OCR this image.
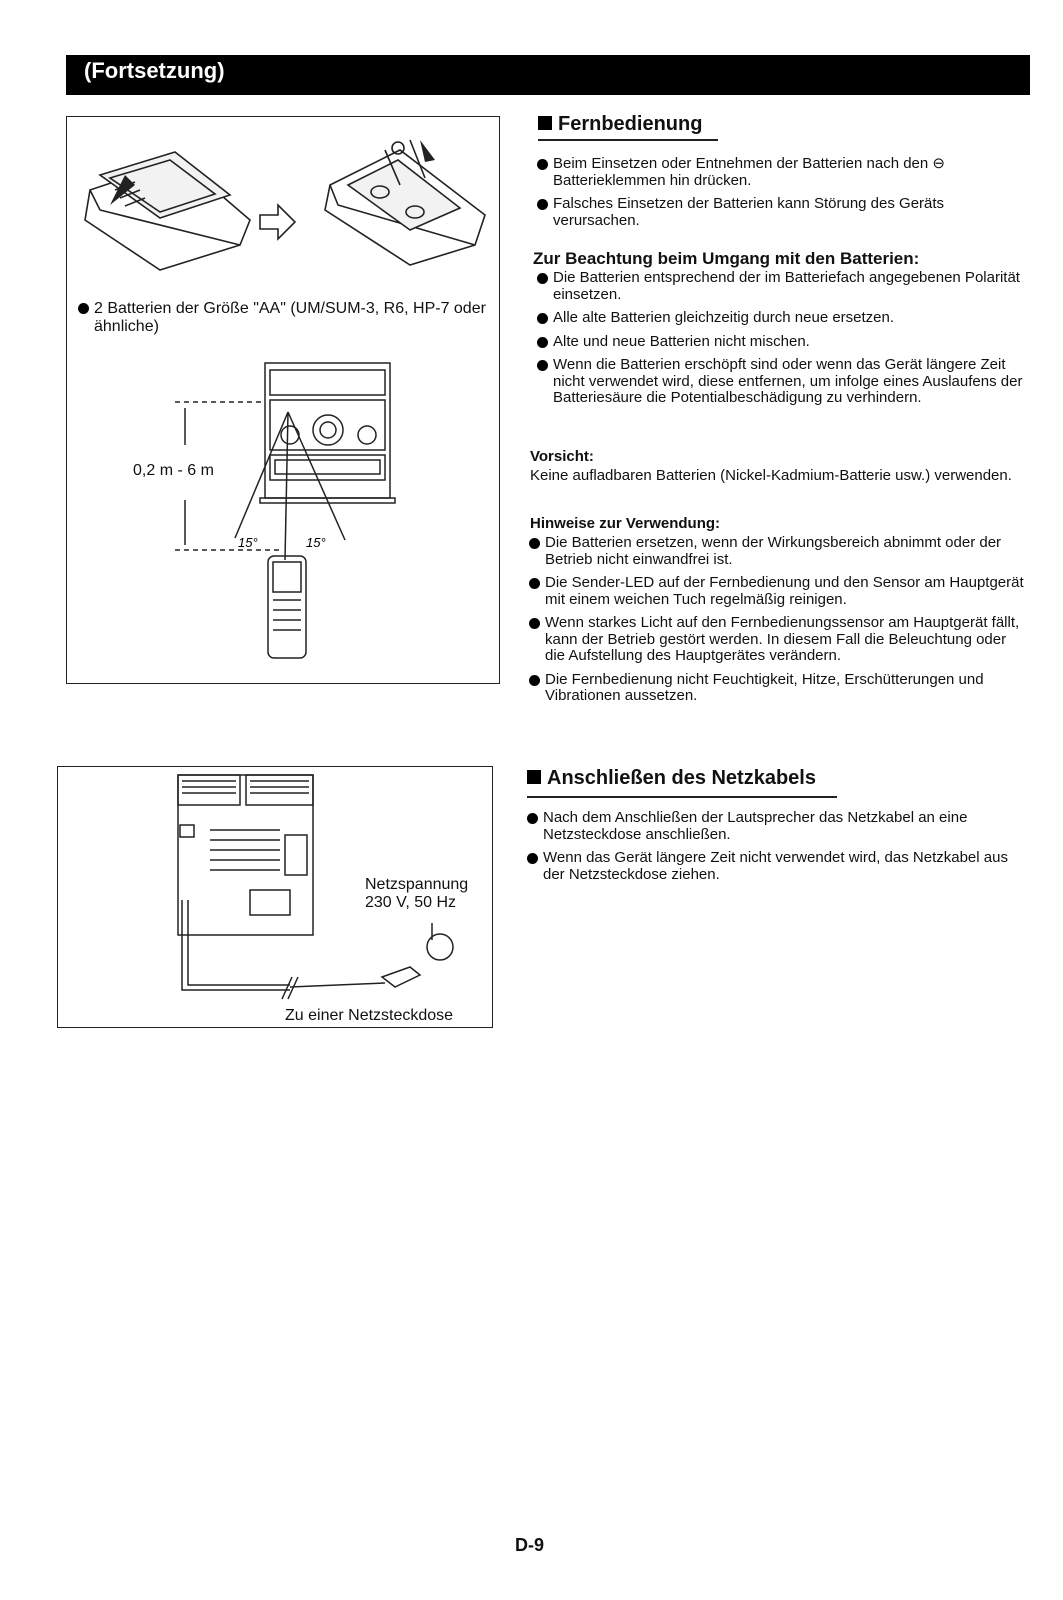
(Fortsetzung)
2 Batterien der Größe "AA" (UM/SUM-3, R6, HP-7 oder ähnliche)
15°	15°
0,2 m - 6 m
Netzspannung
230 V, 50 Hz
Zu einer Netzsteckdose
Fernbedienung
Beim Einsetzen oder Entnehmen der Batterien nach den ⊖ Batterieklemmen hin drücken.
Falsches Einsetzen der Batterien kann Störung des Geräts verursachen.
Zur Beachtung beim Umgang mit den Batterien:
Die Batterien entsprechend der im Batteriefach angegebenen Polarität einsetzen.
Alle alte Batterien gleichzeitig durch neue ersetzen.
Alte und neue Batterien nicht mischen.
Wenn die Batterien erschöpft sind oder wenn das Gerät längere Zeit nicht verwendet wird, diese entfernen, um infolge eines Auslaufens der Batteriesäure die Potentialbeschädigung zu verhindern.
Vorsicht:
Keine aufladbaren Batterien (Nickel-Kadmium-Batterie usw.) verwenden.
Hinweise zur Verwendung:
Die Batterien ersetzen, wenn der Wirkungsbereich abnimmt oder der Betrieb nicht einwandfrei ist.
Die Sender-LED auf der Fernbedienung und den Sensor am Hauptgerät mit einem weichen Tuch regelmäßig reinigen.
Wenn starkes Licht auf den Fernbedienungssensor am Hauptgerät fällt, kann der Betrieb gestört werden. In diesem Fall die Beleuchtung oder die Aufstellung des Hauptgerätes verändern.
Die Fernbedienung nicht Feuchtigkeit, Hitze, Erschütterungen und Vibrationen aussetzen.
Anschließen des Netzkabels
Nach dem Anschließen der Lautsprecher das Netzkabel an eine Netzsteckdose anschließen.
Wenn das Gerät längere Zeit nicht verwendet wird, das Netzkabel aus der Netzsteckdose ziehen.
D-9
